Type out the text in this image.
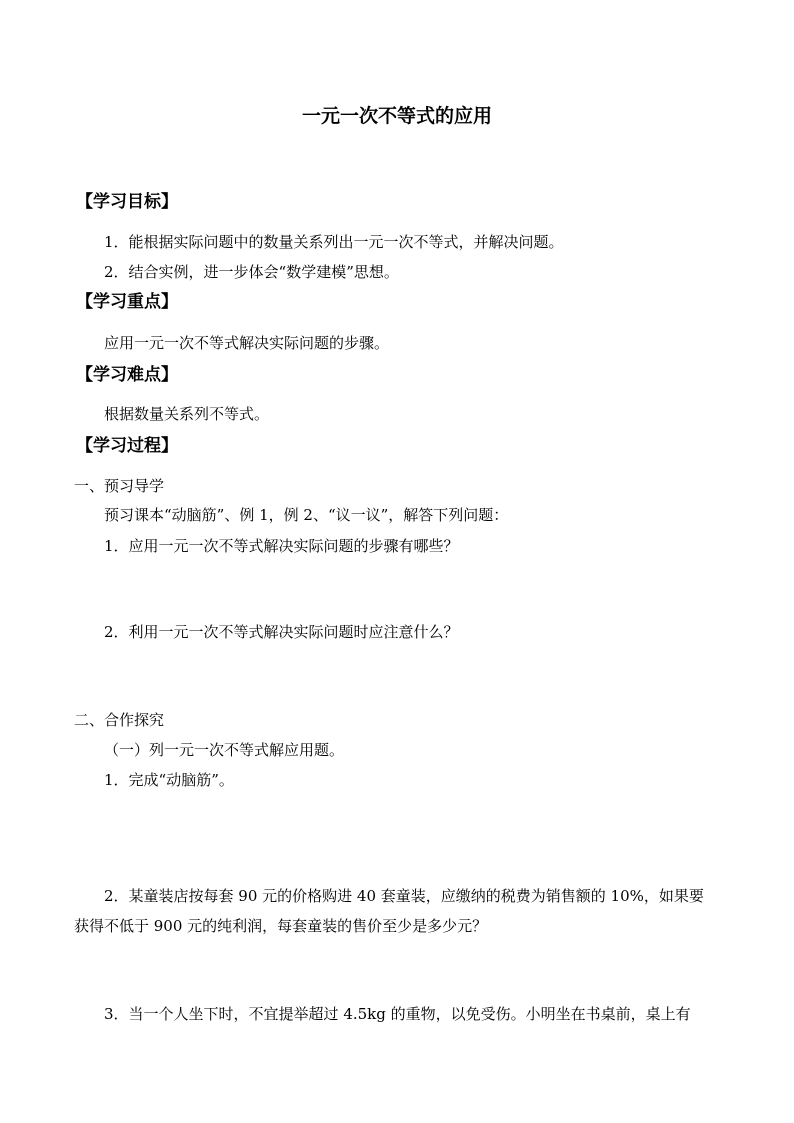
一元一次不等式的应用
【学习目标】
1．能根据实际问题中的数量关系列出一元一次不等式，并解决问题。
2．结合实例，进一步体会“数学建模”思想。
【学习重点】
应用一元一次不等式解决实际问题的步骤。
【学习难点】
根据数量关系列不等式。
【学习过程】
一、预习导学
预习课本“动脑筋”、例 1，例 2、“议一议”，解答下列问题：
1．应用一元一次不等式解决实际问题的步骤有哪些？
2．利用一元一次不等式解决实际问题时应注意什么？
二、合作探究
（一）列一元一次不等式解应用题。
1．完成“动脑筋”。
2．某童装店按每套 90 元的价格购进 40 套童装，应缴纳的税费为销售额的 10%，如果要
获得不低于 900 元的纯利润，每套童装的售价至少是多少元？
3．当一个人坐下时，不宜提举超过 4.5kg 的重物，以免受伤。小明坐在书桌前，桌上有
